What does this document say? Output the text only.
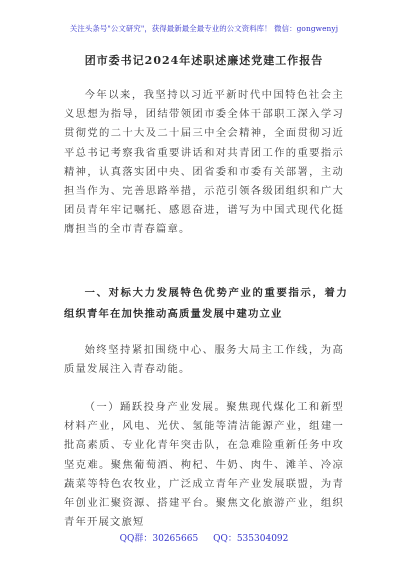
关注头条号"公文研究"，获得最新最全最专业的公文资料库！ 微信：gongwenyj
团市委书记2024年述职述廉述党建工作报告

今年以来，我坚持以习近平新时代中国特色社会主义思想为指导，团结带领团市委全体干部职工深入学习贯彻党的二十大及二十届三中全会精神，全面贯彻习近平总书记考察我省重要讲话和对共青团工作的重要指示精神，认真落实团中央、团省委和市委有关部署，主动担当作为、完善思路举措，示范引领各级团组织和广大团员青年牢记嘱托、感恩奋进，谱写为中国式现代化挺膺担当的全市青春篇章。

一、对标大力发展特色优势产业的重要指示，着力组织青年在加快推动高质量发展中建功立业

始终坚持紧扣围绕中心、服务大局主工作线，为高质量发展注入青春动能。

（一）踊跃投身产业发展。聚焦现代煤化工和新型材料产业，风电、光伏、氢能等清洁能源产业，组建一批高素质、专业化青年突击队，在急难险重新任务中攻坚克难。聚焦葡萄酒、枸杞、牛奶、肉牛、滩羊、冷凉蔬菜等特色农牧业，广泛成立青年产业发展联盟，为青年创业汇聚资源、搭建平台。聚焦文化旅游产业，组织青年开展文旅短

QQ群：30265665 QQ：535304092
